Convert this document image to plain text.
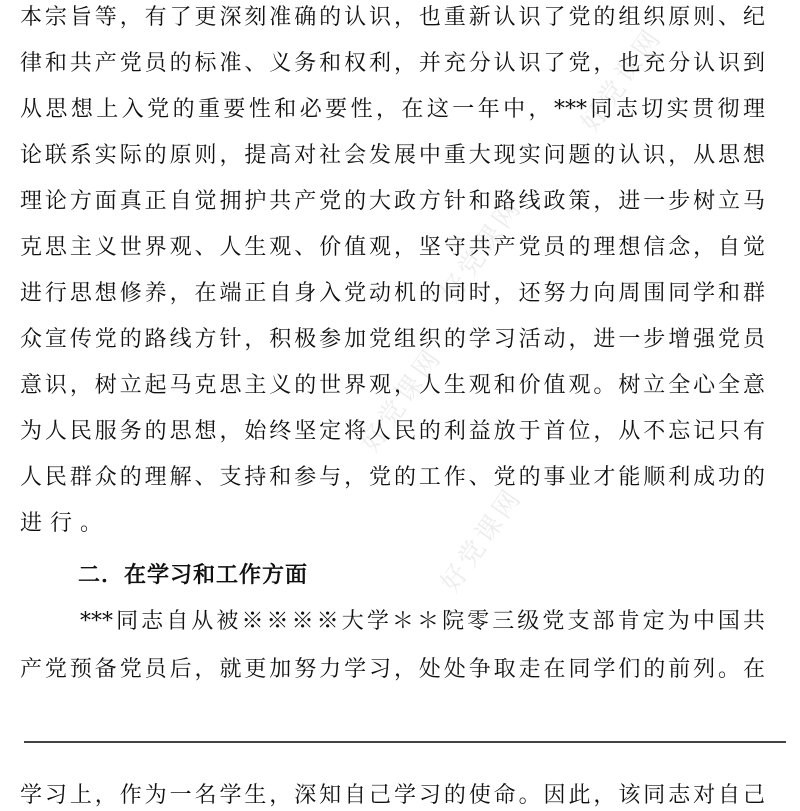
好党课网
好党课网
好党课网
好党课网
本宗旨等，有了更深刻准确的认识，也重新认识了党的组织原则、纪
律和共产党员的标准、义务和权利，并充分认识了党，也充分认识到
从思想上入党的重要性和必要性，在这一年中，***同志切实贯彻理
论联系实际的原则，提高对社会发展中重大现实问题的认识，从思想
理论方面真正自觉拥护共产党的大政方针和路线政策，进一步树立马
克思主义世界观、人生观、价值观，坚守共产党员的理想信念，自觉
进行思想修养，在端正自身入党动机的同时，还努力向周围同学和群
众宣传党的路线方针，积极参加党组织的学习活动，进一步增强党员
意识，树立起马克思主义的世界观，人生观和价值观。树立全心全意
为人民服务的思想，始终坚定将人民的利益放于首位，从不忘记只有
人民群众的理解、支持和参与，党的工作、党的事业才能顺利成功的
进行。
二．在学习和工作方面
***同志自从被※※※※大学＊＊院零三级党支部肯定为中国共
产党预备党员后，就更加努力学习，处处争取走在同学们的前列。在
学习上，作为一名学生，深知自己学习的使命。因此，该同志对自己
